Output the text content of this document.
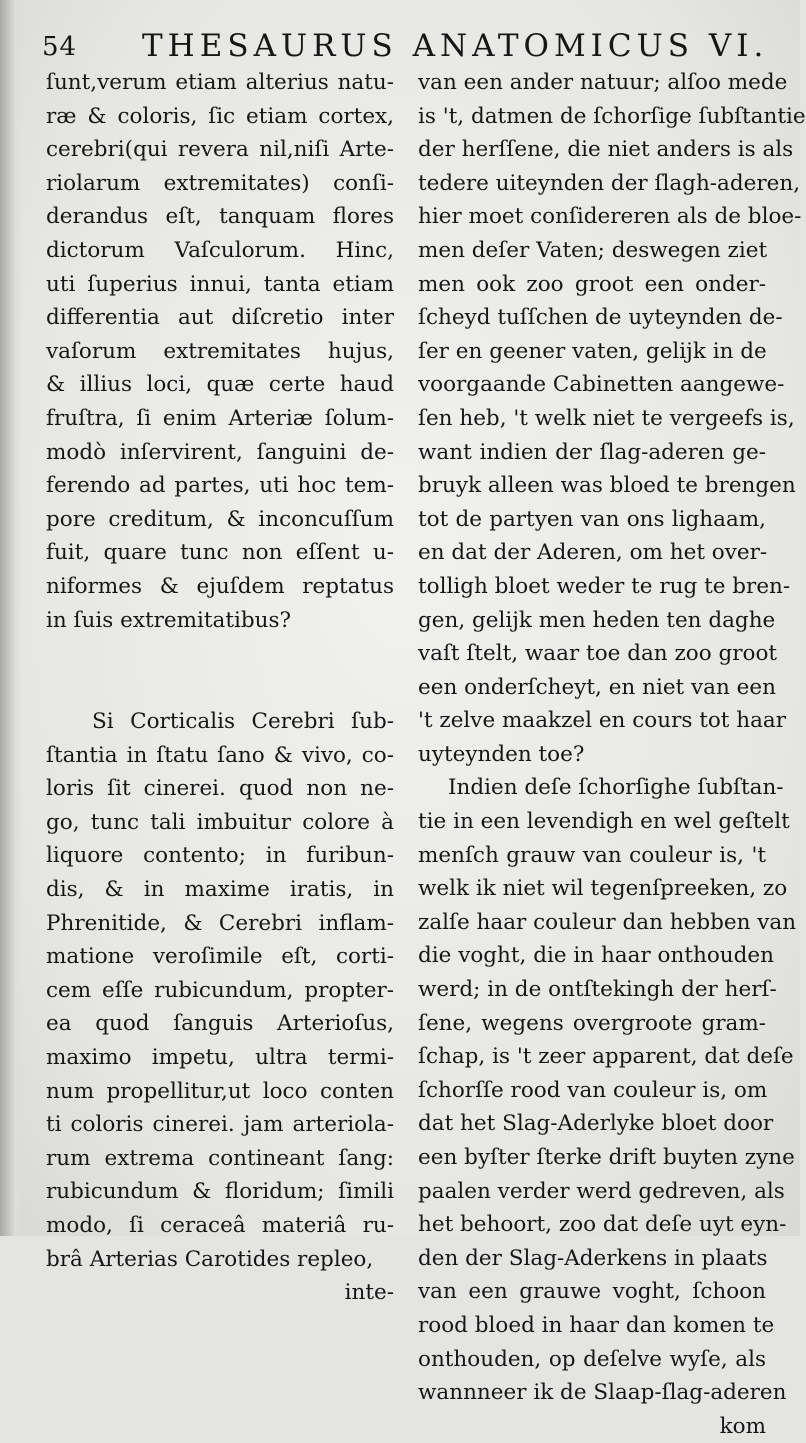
54 THESAURUS ANATOMICUS VI.
ſunt,verum etiam alterius natu-
ræ & coloris, ſic etiam cortex,
cerebri(qui revera nil,niſi Arte-
riolarum extremitates) conſi-
derandus eſt, tanquam flores
dictorum Vaſculorum. Hinc,
uti ſuperius innui, tanta etiam
differentia aut diſcretio inter
vaſorum extremitates hujus,
& illius loci, quæ certe haud
fruſtra, ſi enim Arteriæ ſolum-
modò inſervirent, ſanguini de-
ferendo ad partes, uti hoc tem-
pore creditum, & inconcuſſum
fuit, quare tunc non eſſent u-
niformes & ejuſdem reptatus
in ſuis extremitatibus?
Si Corticalis Cerebri ſub-
ſtantia in ſtatu ſano & vivo, co-
loris ſit cinerei. quod non ne-
go, tunc tali imbuitur colore à
liquore contento; in furibun-
dis, & in maxime iratis, in
Phrenitide, & Cerebri inflam-
matione veroſimile eſt, corti-
cem eſſe rubicundum, propter-
ea quod ſanguis Arterioſus,
maximo impetu, ultra termi-
num propellitur,ut loco conten
ti coloris cinerei. jam arteriola-
rum extrema contineant ſang:
rubicundum & floridum; ſimili
modo, ſi ceraceâ materiâ ru-
brâ Arterias Carotides repleo,
inte-
van een ander natuur; alſoo mede
is 't, datmen de ſchorſige ſubſtantie
der herſſene, die niet anders is als
tedere uiteynden der ſlagh-aderen,
hier moet conſidereren als de bloe-
men deſer Vaten; deswegen ziet
men ook zoo groot een onder-
ſcheyd tuſſchen de uyteynden de-
ſer en geener vaten, gelijk in de
voorgaande Cabinetten aangewe-
ſen heb, 't welk niet te vergeefs is,
want indien der ſlag-aderen ge-
bruyk alleen was bloed te brengen
tot de partyen van ons lighaam,
en dat der Aderen, om het over-
tolligh bloet weder te rug te bren-
gen, gelijk men heden ten daghe
vaſt ſtelt, waar toe dan zoo groot
een onderſcheyt, en niet van een
't zelve maakzel en cours tot haar
uyteynden toe?
Indien deſe ſchorſighe ſubſtan-
tie in een levendigh en wel geſtelt
menſch grauw van couleur is, 't
welk ik niet wil tegenſpreeken, zo
zalſe haar couleur dan hebben van
die voght, die in haar onthouden
werd; in de ontſtekingh der herſ-
ſene, wegens overgroote gram-
ſchap, is 't zeer apparent, dat deſe
ſchorſſe rood van couleur is, om
dat het Slag-Aderlyke bloet door
een byſter ſterke drift buyten zyne
paalen verder werd gedreven, als
het behoort, zoo dat deſe uyt eyn-
den der Slag-Aderkens in plaats
van een grauwe voght, ſchoon
rood bloed in haar dan komen te
onthouden, op deſelve wyſe, als
wannneer ik de Slaap-ſlag-aderen
kom
